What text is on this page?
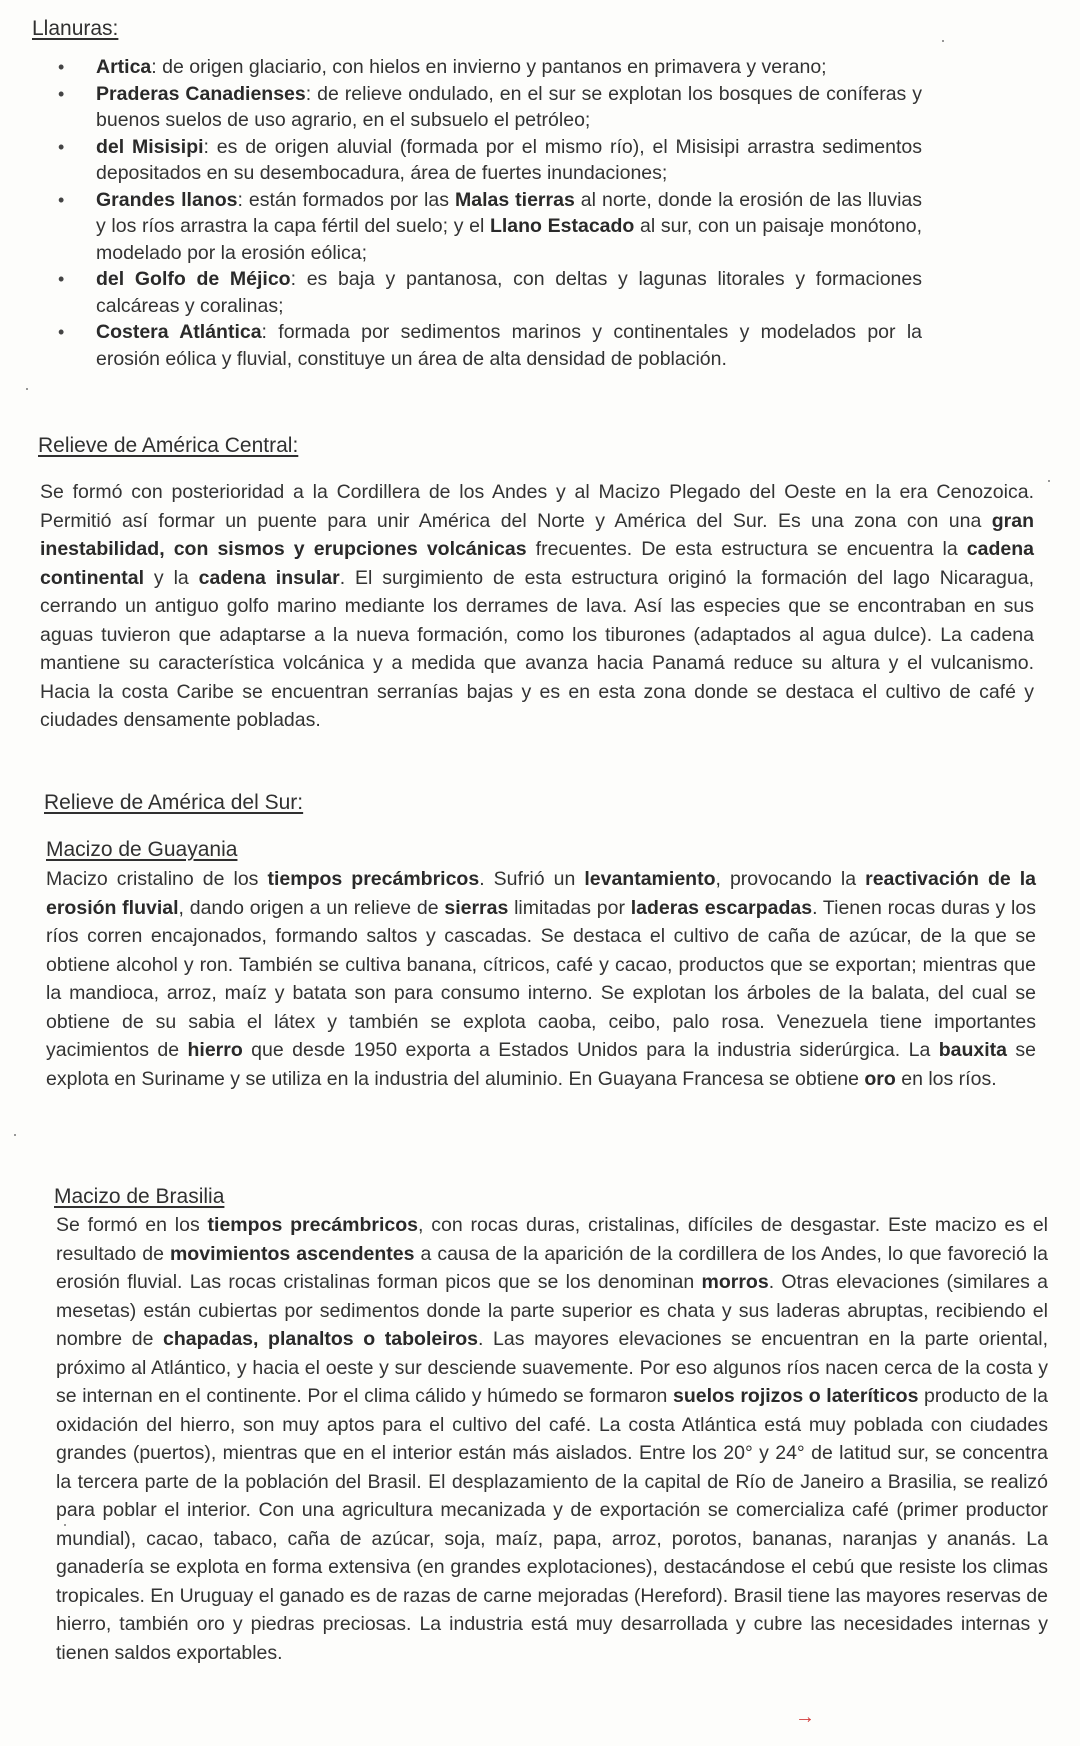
Llanuras:
• Artica: de origen glaciario, con hielos en invierno y pantanos en primavera y verano;
• Praderas Canadienses: de relieve ondulado, en el sur se explotan los bosques de coníferas y buenos suelos de uso agrario, en el subsuelo el petróleo;
• del Misisipi: es de origen aluvial (formada por el mismo río), el Misisipi arrastra sedimentos depositados en su desembocadura, área de fuertes inundaciones;
• Grandes llanos: están formados por las Malas tierras al norte, donde la erosión de las lluvias y los ríos arrastra la capa fértil del suelo; y el Llano Estacado al sur, con un paisaje monótono, modelado por la erosión eólica;
• del Golfo de Méjico: es baja y pantanosa, con deltas y lagunas litorales y formaciones calcáreas y coralinas;
• Costera Atlántica: formada por sedimentos marinos y continentales y modelados por la erosión eólica y fluvial, constituye un área de alta densidad de población.
Relieve de América Central:

Se formó con posterioridad a la Cordillera de los Andes y al Macizo Plegado del Oeste en la era Cenozoica. Permitió así formar un puente para unir América del Norte y América del Sur. Es una zona con una gran inestabilidad, con sismos y erupciones volcánicas frecuentes. De esta estructura se encuentra la cadena continental y la cadena insular. El surgimiento de esta estructura originó la formación del lago Nicaragua, cerrando un antiguo golfo marino mediante los derrames de lava. Así las especies que se encontraban en sus aguas tuvieron que adaptarse a la nueva formación, como los tiburones (adaptados al agua dulce). La cadena mantiene su característica volcánica y a medida que avanza hacia Panamá reduce su altura y el vulcanismo. Hacia la costa Caribe se encuentran serranías bajas y es en esta zona donde se destaca el cultivo de café y ciudades densamente pobladas.

Relieve de América del Sur:
Macizo de Guayania

Macizo cristalino de los tiempos precámbricos. Sufrió un levantamiento, provocando la reactivación de la erosión fluvial, dando origen a un relieve de sierras limitadas por laderas escarpadas. Tienen rocas duras y los ríos corren encajonados, formando saltos y cascadas. Se destaca el cultivo de caña de azúcar, de la que se obtiene alcohol y ron. También se cultiva banana, cítricos, café y cacao, productos que se exportan; mientras que la mandioca, arroz, maíz y batata son para consumo interno. Se explotan los árboles de la balata, del cual se obtiene de su sabia el látex y también se explota caoba, ceibo, palo rosa. Venezuela tiene importantes yacimientos de hierro que desde 1950 exporta a Estados Unidos para la industria siderúrgica. La bauxita se explota en Suriname y se utiliza en la industria del aluminio. En Guayana Francesa se obtiene oro en los ríos.

Macizo de Brasilia

Se formó en los tiempos precámbricos, con rocas duras, cristalinas, difíciles de desgastar. Este macizo es el resultado de movimientos ascendentes a causa de la aparición de la cordillera de los Andes, lo que favoreció la erosión fluvial. Las rocas cristalinas forman picos que se los denominan morros. Otras elevaciones (similares a mesetas) están cubiertas por sedimentos donde la parte superior es chata y sus laderas abruptas, recibiendo el nombre de chapadas, planaltos o taboleiros. Las mayores elevaciones se encuentran en la parte oriental, próximo al Atlántico, y hacia el oeste y sur desciende suavemente. Por eso algunos ríos nacen cerca de la costa y se internan en el continente. Por el clima cálido y húmedo se formaron suelos rojizos o lateríticos producto de la oxidación del hierro, son muy aptos para el cultivo del café. La costa Atlántica está muy poblada con ciudades grandes (puertos), mientras que en el interior están más aislados. Entre los 20° y 24° de latitud sur, se concentra la tercera parte de la población del Brasil. El desplazamiento de la capital de Río de Janeiro a Brasilia, se realizó para poblar el interior. Con una agricultura mecanizada y de exportación se comercializa café (primer productor mundial), cacao, tabaco, caña de azúcar, soja, maíz, papa, arroz, porotos, bananas, naranjas y ananás. La ganadería se explota en forma extensiva (en grandes explotaciones), destacándose el cebú que resiste los climas tropicales. En Uruguay el ganado es de razas de carne mejoradas (Hereford). Brasil tiene las mayores reservas de hierro, también oro y piedras preciosas. La industria está muy desarrollada y cubre las necesidades internas y tienen saldos exportables.

→
